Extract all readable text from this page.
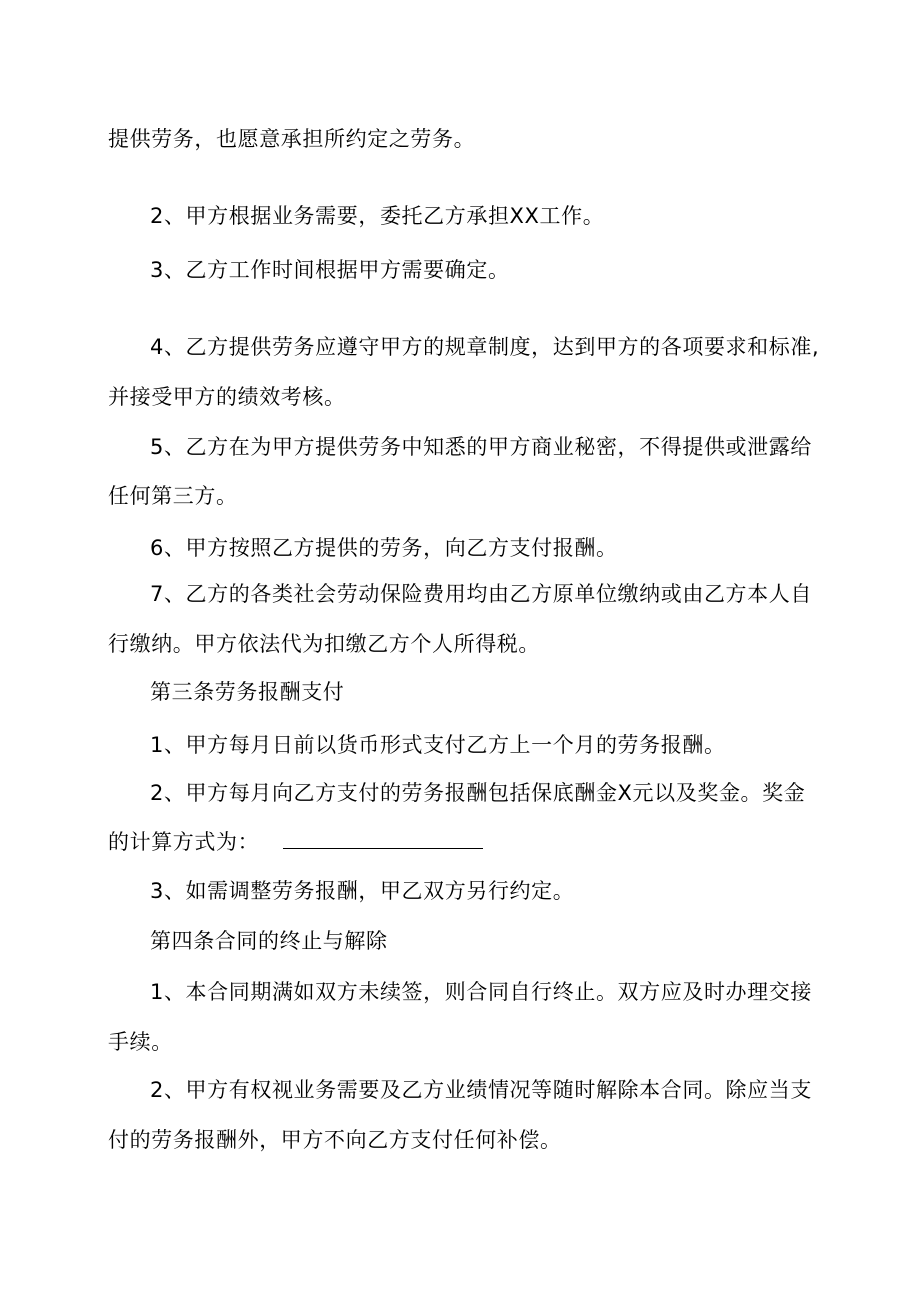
提供劳务，也愿意承担所约定之劳务。
2、甲方根据业务需要，委托乙方承担XX工作。
3、乙方工作时间根据甲方需要确定。
4、乙方提供劳务应遵守甲方的规章制度，达到甲方的各项要求和标准,
并接受甲方的绩效考核。
5、乙方在为甲方提供劳务中知悉的甲方商业秘密，不得提供或泄露给
任何第三方。
6、甲方按照乙方提供的劳务，向乙方支付报酬。
7、乙方的各类社会劳动保险费用均由乙方原单位缴纳或由乙方本人自
行缴纳。甲方依法代为扣缴乙方个人所得税。
第三条劳务报酬支付
1、甲方每月日前以货币形式支付乙方上一个月的劳务报酬。
2、甲方每月向乙方支付的劳务报酬包括保底酬金X元以及奖金。奖金
的计算方式为：
3、如需调整劳务报酬，甲乙双方另行约定。
第四条合同的终止与解除
1、本合同期满如双方未续签，则合同自行终止。双方应及时办理交接
手续。
2、甲方有权视业务需要及乙方业绩情况等随时解除本合同。除应当支
付的劳务报酬外，甲方不向乙方支付任何补偿。
